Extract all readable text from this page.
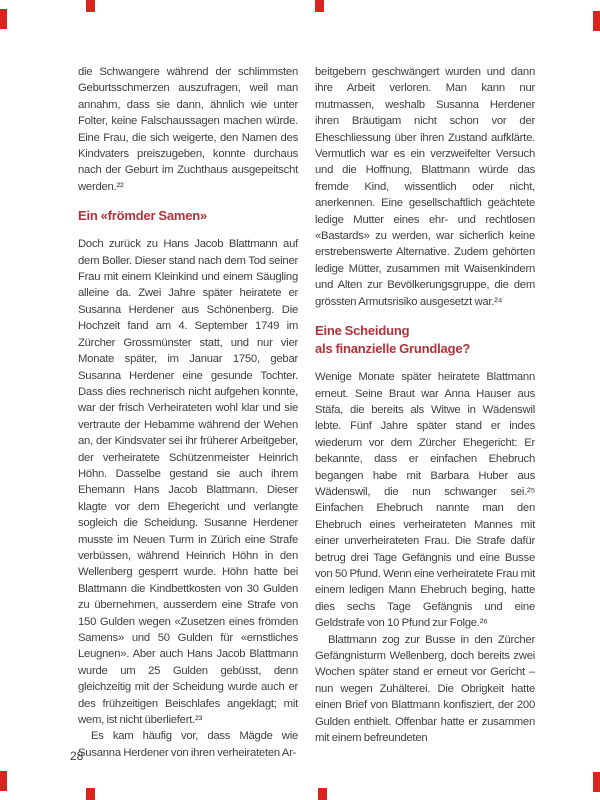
die Schwangere während der schlimmsten Geburtsschmerzen auszufragen, weil man annahm, dass sie dann, ähnlich wie unter Folter, keine Falschaussagen machen würde. Eine Frau, die sich weigerte, den Namen des Kindvaters preiszugeben, konnte durchaus nach der Geburt im Zuchthaus ausgepeitscht werden.²²

Ein «frömder Samen»

Doch zurück zu Hans Jacob Blattmann auf dem Boller. Dieser stand nach dem Tod seiner Frau mit einem Kleinkind und einem Säugling alleine da. Zwei Jahre später heiratete er Susanna Herdener aus Schönenberg. Die Hochzeit fand am 4. September 1749 im Zürcher Grossmünster statt, und nur vier Monate später, im Januar 1750, gebar Susanna Herdener eine gesunde Tochter. Dass dies rechnerisch nicht aufgehen konnte, war der frisch Verheirateten wohl klar und sie vertraute der Hebamme während der Wehen an, der Kindsvater sei ihr früherer Arbeitgeber, der verheiratete Schützenmeister Heinrich Höhn. Dasselbe gestand sie auch ihrem Ehemann Hans Jacob Blattmann. Dieser klagte vor dem Ehegericht und verlangte sogleich die Scheidung. Susanne Herdener musste im Neuen Turm in Zürich eine Strafe verbüssen, während Heinrich Höhn in den Wellenberg gesperrt wurde. Höhn hatte bei Blattmann die Kindbettkosten von 30 Gulden zu übernehmen, ausserdem eine Strafe von 150 Gulden wegen «Zusetzen eines frömden Samens» und 50 Gulden für «ernstliches Leugnen». Aber auch Hans Jacob Blattmann wurde um 25 Gulden gebüsst, denn gleichzeitig mit der Scheidung wurde auch er des frühzeitigen Beischlafes angeklagt; mit wem, ist nicht überliefert.²³

Es kam häufig vor, dass Mägde wie Susanna Herdener von ihren verheirateten Ar-

beitgebern geschwängert wurden und dann ihre Arbeit verloren. Man kann nur mutmassen, weshalb Susanna Herdener ihren Bräutigam nicht schon vor der Eheschliessung über ihren Zustand aufklärte. Vermutlich war es ein verzweifelter Versuch und die Hoffnung, Blattmann würde das fremde Kind, wissentlich oder nicht, anerkennen. Eine gesellschaftlich geächtete ledige Mutter eines ehr- und rechtlosen «Bastards» zu werden, war sicherlich keine erstrebenswerte Alternative. Zudem gehörten ledige Mütter, zusammen mit Waisenkindern und Alten zur Bevölkerungsgruppe, die dem grössten Armutsrisiko ausgesetzt war.²⁴

Eine Scheidung
als finanzielle Grundlage?

Wenige Monate später heiratete Blattmann erneut. Seine Braut war Anna Hauser aus Stäfa, die bereits als Witwe in Wädenswil lebte. Fünf Jahre später stand er indes wiederum vor dem Zürcher Ehegericht: Er bekannte, dass er einfachen Ehebruch begangen habe mit Barbara Huber aus Wädenswil, die nun schwanger sei.²⁵ Einfachen Ehebruch nannte man den Ehebruch eines verheirateten Mannes mit einer unverheirateten Frau. Die Strafe dafür betrug drei Tage Gefängnis und eine Busse von 50 Pfund. Wenn eine verheiratete Frau mit einem ledigen Mann Ehebruch beging, hatte dies sechs Tage Gefängnis und eine Geldstrafe von 10 Pfund zur Folge.²⁶

Blattmann zog zur Busse in den Zürcher Gefängnisturm Wellenberg, doch bereits zwei Wochen später stand er erneut vor Gericht – nun wegen Zuhälterei. Die Obrigkeit hatte einen Brief von Blattmann konfisziert, der 200 Gulden enthielt. Offenbar hatte er zusammen mit einem befreundeten

28
